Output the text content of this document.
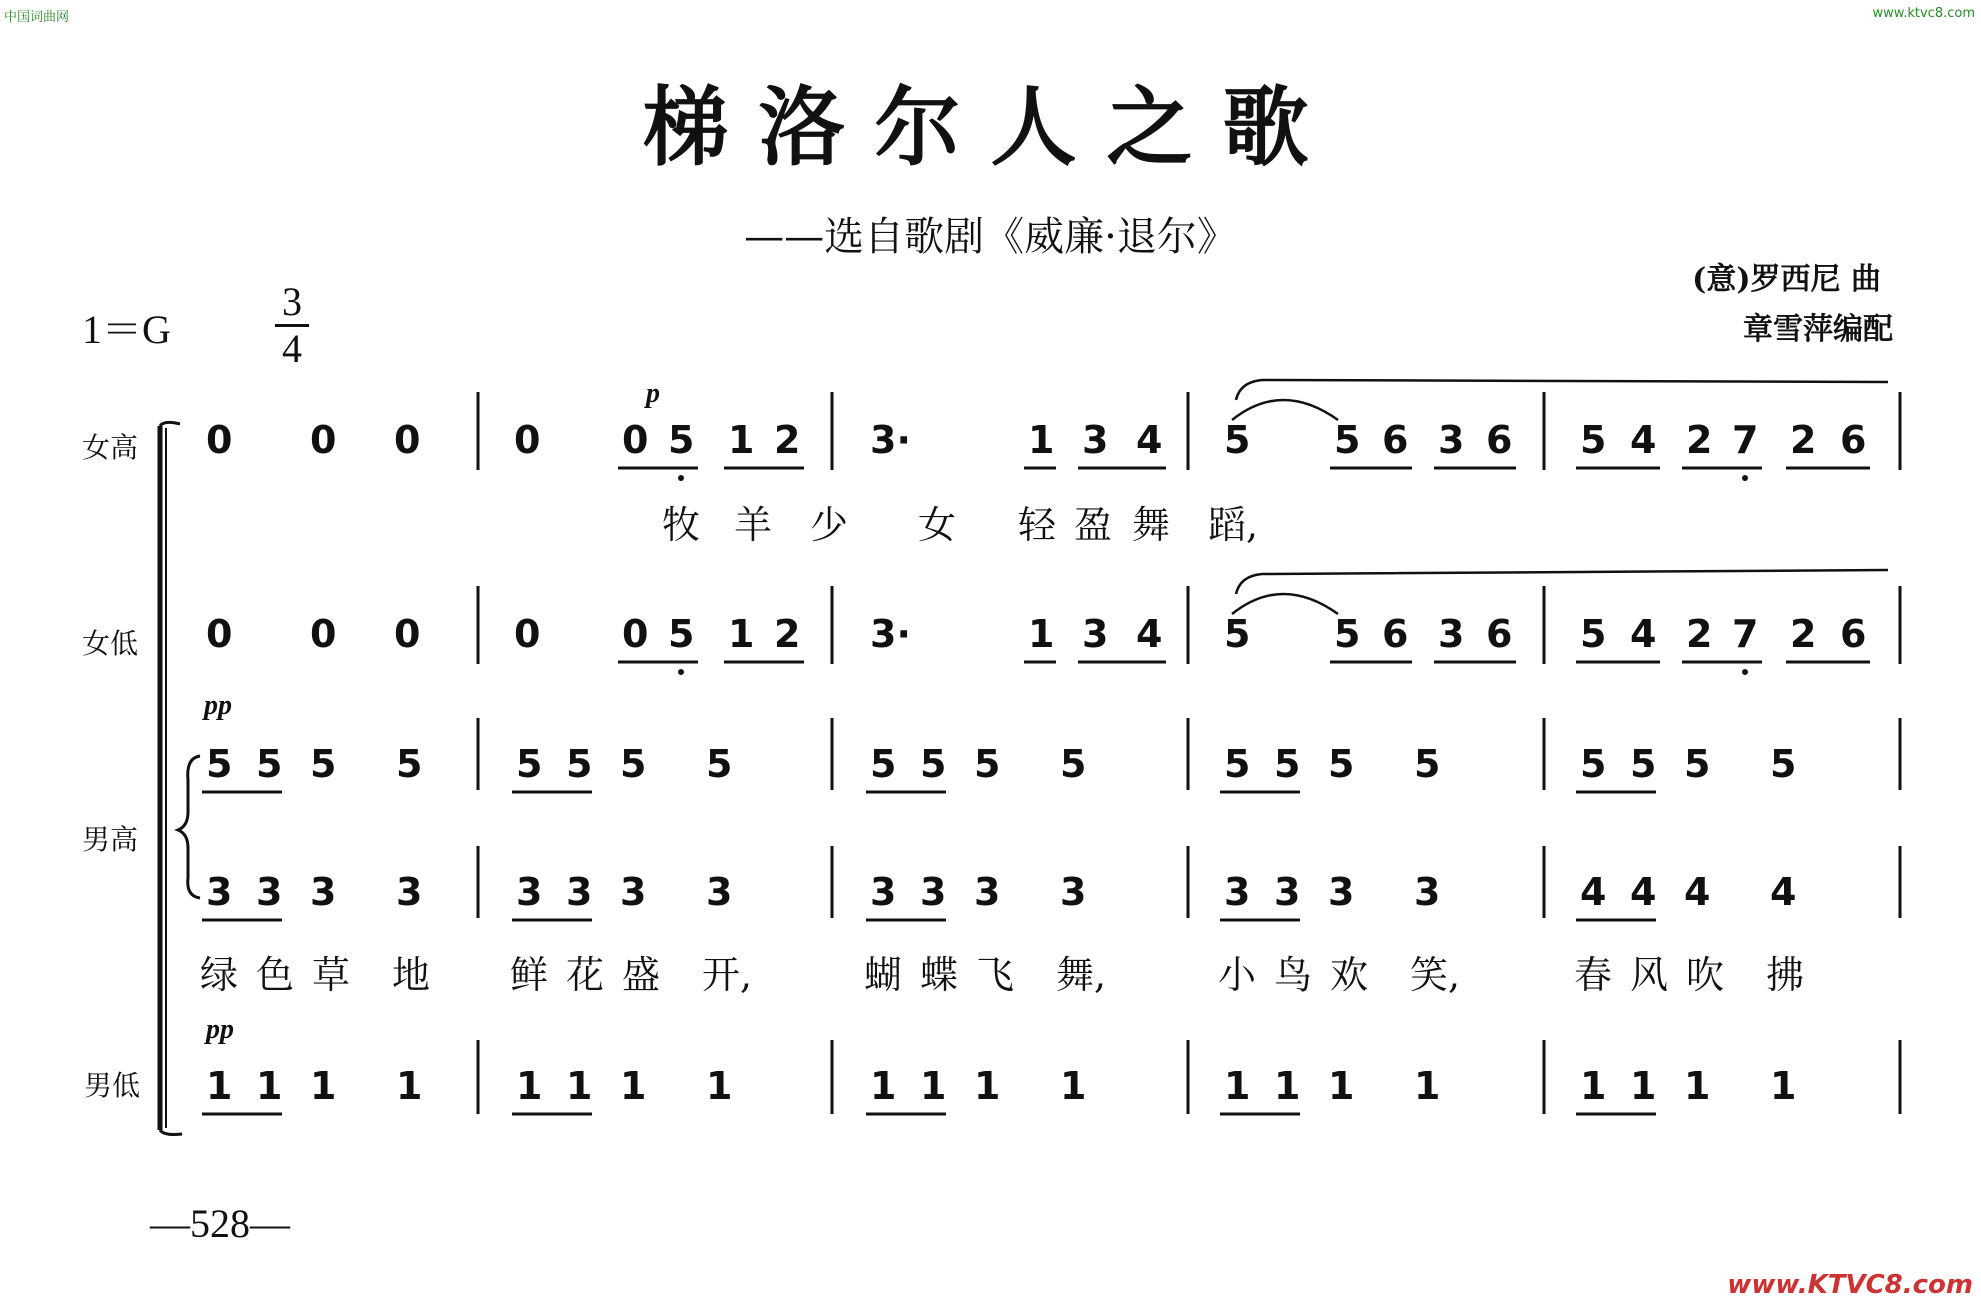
中国词曲网	www.ktvc8.com
梯洛尔人之歌
——选自歌剧《威廉·退尔》
(意)罗西尼 曲
章雪萍编配
1＝G
3
4
女高
女低
男高
男低
p
pp
pp
0 0 0 0 0 5 1 2 3·	1 3 4 5 5 6 3 6 5 4 2 7 2 6
0 0 0 0 0 5 1 2 3·	1 3 4 5 5 6 3 6 5 4 2 7 2 6
5 5 5 5 5 5 5 5	5 5 5 5	5 5 5 5	5 5 5 5
3 3 3 3 3 3 3 3	3 3 3 3	3 3 3 3	4 4 4 4
1 1 1 1 1 1 1 1	1 1 1 1	1 1 1 1	1 1 1 1
牧 羊 少 女 轻 盈 舞 蹈,
绿 色 草 地 鲜 花 盛 开,	蝴 蝶 飞 舞,	小 鸟 欢 笑,	春 风 吹 拂
—528—
www.KTVC8.com
